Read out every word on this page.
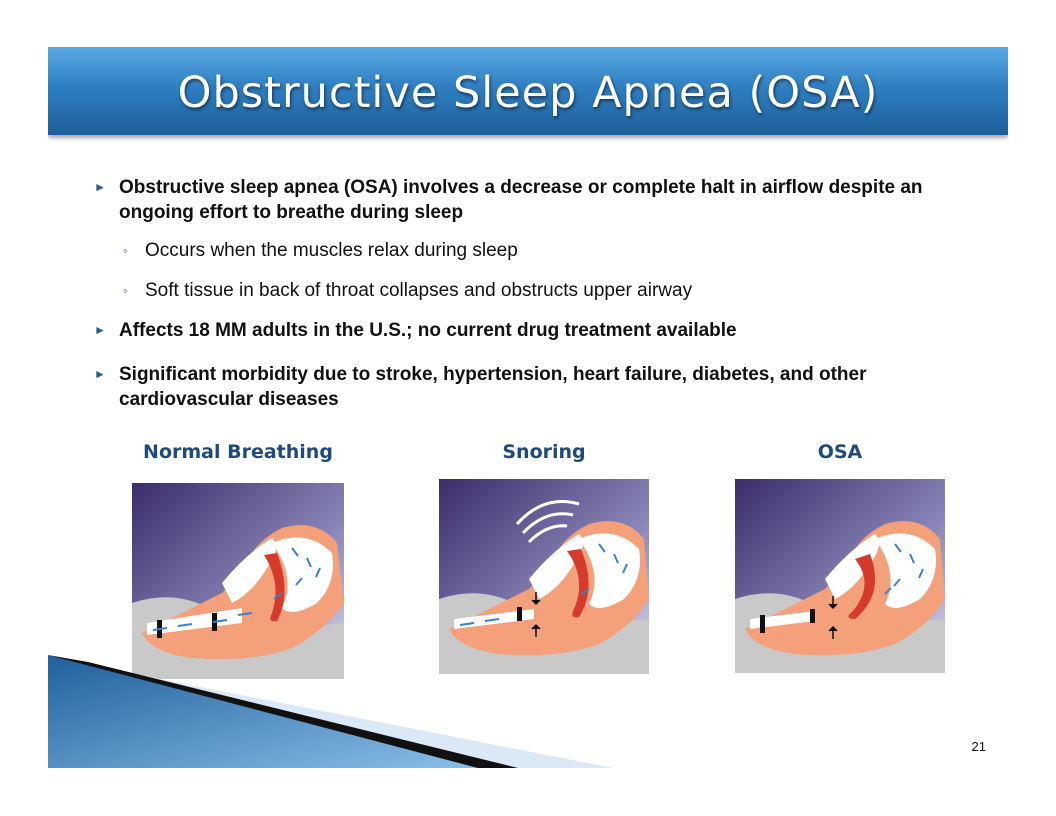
Obstructive Sleep Apnea (OSA)
► Obstructive sleep apnea (OSA) involves a decrease or complete halt in airflow despite an ongoing effort to breathe during sleep
◦ Occurs when the muscles relax during sleep
◦ Soft tissue in back of throat collapses and obstructs upper airway
► Affects 18 MM adults in the U.S.; no current drug treatment available
► Significant morbidity due to stroke, hypertension, heart failure, diabetes, and other cardiovascular diseases
Normal Breathing	Snoring	OSA
21
